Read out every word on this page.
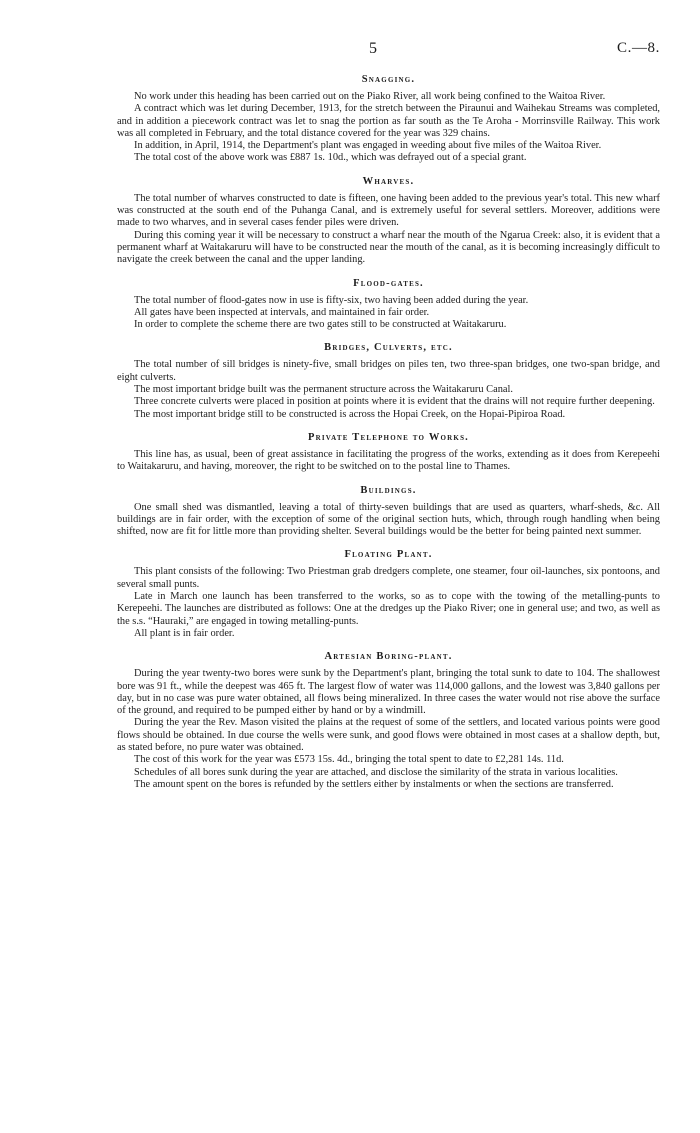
5	C.—8.
Snagging.

No work under this heading has been carried out on the Piako River, all work being confined to the Waitoa River.

A contract which was let during December, 1913, for the stretch between the Piraunui and Waihekau Streams was completed, and in addition a piecework contract was let to snag the portion as far south as the Te Aroha - Morrinsville Railway. This work was all completed in February, and the total distance covered for the year was 329 chains.

In addition, in April, 1914, the Department's plant was engaged in weeding about five miles of the Waitoa River.

The total cost of the above work was £887 1s. 10d., which was defrayed out of a special grant.

Wharves.

The total number of wharves constructed to date is fifteen, one having been added to the previous year's total. This new wharf was constructed at the south end of the Puhanga Canal, and is extremely useful for several settlers. Moreover, additions were made to two wharves, and in several cases fender piles were driven.

During this coming year it will be necessary to construct a wharf near the mouth of the Ngarua Creek: also, it is evident that a permanent wharf at Waitakaruru will have to be constructed near the mouth of the canal, as it is becoming increasingly difficult to navigate the creek between the canal and the upper landing.

Flood-gates.

The total number of flood-gates now in use is fifty-six, two having been added during the year.

All gates have been inspected at intervals, and maintained in fair order.

In order to complete the scheme there are two gates still to be constructed at Waitakaruru.

Bridges, Culverts, etc.

The total number of sill bridges is ninety-five, small bridges on piles ten, two three-span bridges, one two-span bridge, and eight culverts.

The most important bridge built was the permanent structure across the Waitakaruru Canal.

Three concrete culverts were placed in position at points where it is evident that the drains will not require further deepening.

The most important bridge still to be constructed is across the Hopai Creek, on the Hopai-Pipiroa Road.

Private Telephone to Works.

This line has, as usual, been of great assistance in facilitating the progress of the works, extending as it does from Kerepeehi to Waitakaruru, and having, moreover, the right to be switched on to the postal line to Thames.

Buildings.

One small shed was dismantled, leaving a total of thirty-seven buildings that are used as quarters, wharf-sheds, &c. All buildings are in fair order, with the exception of some of the original section huts, which, through rough handling when being shifted, now are fit for little more than providing shelter. Several buildings would be the better for being painted next summer.

Floating Plant.

This plant consists of the following: Two Priestman grab dredgers complete, one steamer, four oil-launches, six pontoons, and several small punts.

Late in March one launch has been transferred to the works, so as to cope with the towing of the metalling-punts to Kerepeehi. The launches are distributed as follows: One at the dredges up the Piako River; one in general use; and two, as well as the s.s. “Hauraki,” are engaged in towing metalling-punts.

All plant is in fair order.

Artesian Boring-plant.

During the year twenty-two bores were sunk by the Department's plant, bringing the total sunk to date to 104. The shallowest bore was 91 ft., while the deepest was 465 ft. The largest flow of water was 114,000 gallons, and the lowest was 3,840 gallons per day, but in no case was pure water obtained, all flows being mineralized. In three cases the water would not rise above the surface of the ground, and required to be pumped either by hand or by a windmill.

During the year the Rev. Mason visited the plains at the request of some of the settlers, and located various points were good flows should be obtained. In due course the wells were sunk, and good flows were obtained in most cases at a shallow depth, but, as stated before, no pure water was obtained.

The cost of this work for the year was £573 15s. 4d., bringing the total spent to date to £2,281 14s. 11d.

Schedules of all bores sunk during the year are attached, and disclose the similarity of the strata in various localities.

The amount spent on the bores is refunded by the settlers either by instalments or when the sections are transferred.
